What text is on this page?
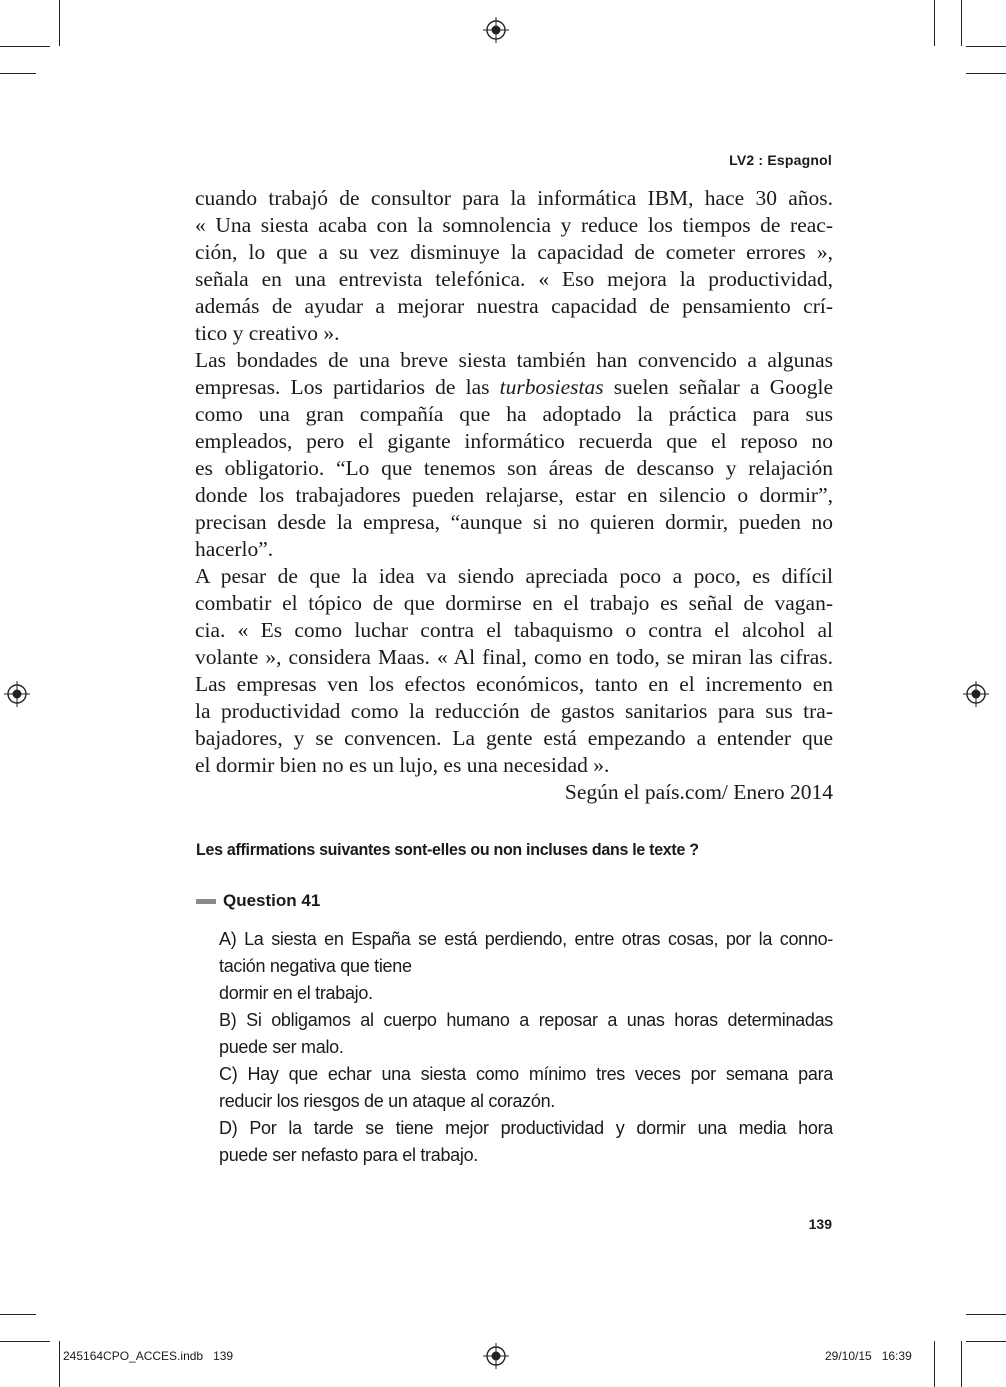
LV2 : Espagnol
cuando trabajó de consultor para la informática IBM, hace 30 años.
« Una siesta acaba con la somnolencia y reduce los tiempos de reac-
ción, lo que a su vez disminuye la capacidad de cometer errores »,
señala en una entrevista telefónica. « Eso mejora la productividad,
además de ayudar a mejorar nuestra capacidad de pensamiento crí-
tico y creativo ».
Las bondades de una breve siesta también han convencido a algunas
empresas. Los partidarios de las turbosiestas suelen señalar a Google
como una gran compañía que ha adoptado la práctica para sus
empleados, pero el gigante informático recuerda que el reposo no
es obligatorio. “Lo que tenemos son áreas de descanso y relajación
donde los trabajadores pueden relajarse, estar en silencio o dormir”,
precisan desde la empresa, “aunque si no quieren dormir, pueden no
hacerlo”.
A pesar de que la idea va siendo apreciada poco a poco, es difícil
combatir el tópico de que dormirse en el trabajo es señal de vagan-
cia. « Es como luchar contra el tabaquismo o contra el alcohol al
volante », considera Maas. « Al final, como en todo, se miran las cifras.
Las empresas ven los efectos económicos, tanto en el incremento en
la productividad como la reducción de gastos sanitarios para sus tra-
bajadores, y se convencen. La gente está empezando a entender que
el dormir bien no es un lujo, es una necesidad ».
Según el país.com/ Enero 2014
Les affirmations suivantes sont-elles ou non incluses dans le texte ?
Question 41
A) La siesta en España se está perdiendo, entre otras cosas, por la conno-
tación negativa que tiene
dormir en el trabajo.
B) Si obligamos al cuerpo humano a reposar a unas horas determinadas
puede ser malo.
C) Hay que echar una siesta como mínimo tres veces por semana para
reducir los riesgos de un ataque al corazón.
D) Por la tarde se tiene mejor productividad y dormir una media hora
puede ser nefasto para el trabajo.
139
245164CPO_ACCES.indb   139	29/10/15   16:39
